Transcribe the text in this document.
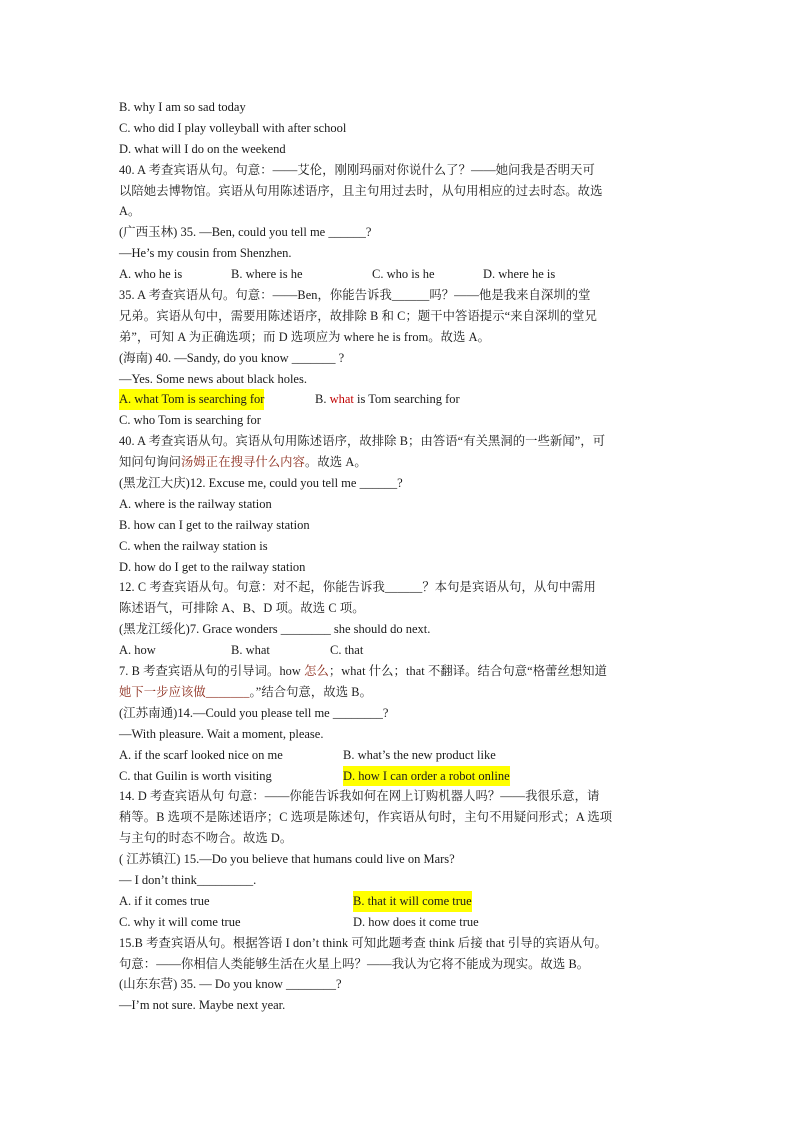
B. why I am so sad today
C. who did I play volleyball with after school
D. what will I do on the weekend
40. A 考查宾语从句。句意：——艾伦，刚刚玛丽对你说什么了？——她问我是否明天可
以陪她去博物馆。宾语从句用陈述语序，且主句用过去时，从句用相应的过去时态。故选
A。
(广西玉林) 35. —Ben, could you tell me ______?
—He’s my cousin from Shenzhen.
A. who he is	B. where is he	C. who is he	D. where he is
35. A 考查宾语从句。句意：——Ben，你能告诉我______吗？——他是我来自深圳的堂
兄弟。宾语从句中，需要用陈述语序，故排除 B 和 C；题干中答语提示“来自深圳的堂兄
弟”，可知 A 为正确选项；而 D 选项应为 where he is from。故选 A。
(海南) 40. —Sandy, do you know _______ ?
—Yes. Some news about black holes.
A. what Tom is searching for	B. what is Tom searching for
C. who Tom is searching for
40. A 考查宾语从句。宾语从句用陈述语序，故排除 B；由答语“有关黑洞的一些新闻”，可
知问句询问汤姆正在搜寻什么内容。故选 A。
(黑龙江大庆)12. Excuse me, could you tell me ______?
A. where is the railway station
B. how can I get to the railway station
C. when the railway station is
D. how do I get to the railway station
12. C 考查宾语从句。句意：对不起，你能告诉我______？本句是宾语从句，从句中需用
陈述语气，可排除 A、B、D 项。故选 C 项。
(黑龙江绥化)7. Grace wonders ________ she should do next.
A. how	B. what	C. that
7. B 考查宾语从句的引导词。how 怎么；what 什么；that 不翻译。结合句意“格蕾丝想知道
她下一步应该做_______。”结合句意，故选 B。
(江苏南通)14.—Could you please tell me ________?
—With pleasure. Wait a moment, please.
A. if the scarf looked nice on me	B. what’s the new product like
C. that Guilin is worth visiting	D. how I can order a robot online
14. D 考查宾语从句 句意：——你能告诉我如何在网上订购机器人吗？——我很乐意，请
稍等。B 选项不是陈述语序；C 选项是陈述句，作宾语从句时，主句不用疑问形式；A 选项
与主句的时态不吻合。故选 D。
( 江苏镇江) 15.—Do you believe that humans could live on Mars?
— I don’t think_________.
A. if it comes true	B. that it will come true
C. why it will come true	D. how does it come true
15.B 考查宾语从句。根据答语 I don’t think 可知此题考查 think 后接 that 引导的宾语从句。
句意：——你相信人类能够生活在火星上吗？——我认为它将不能成为现实。故选 B。
(山东东营) 35. — Do you know ________?
—I’m not sure. Maybe next year.
